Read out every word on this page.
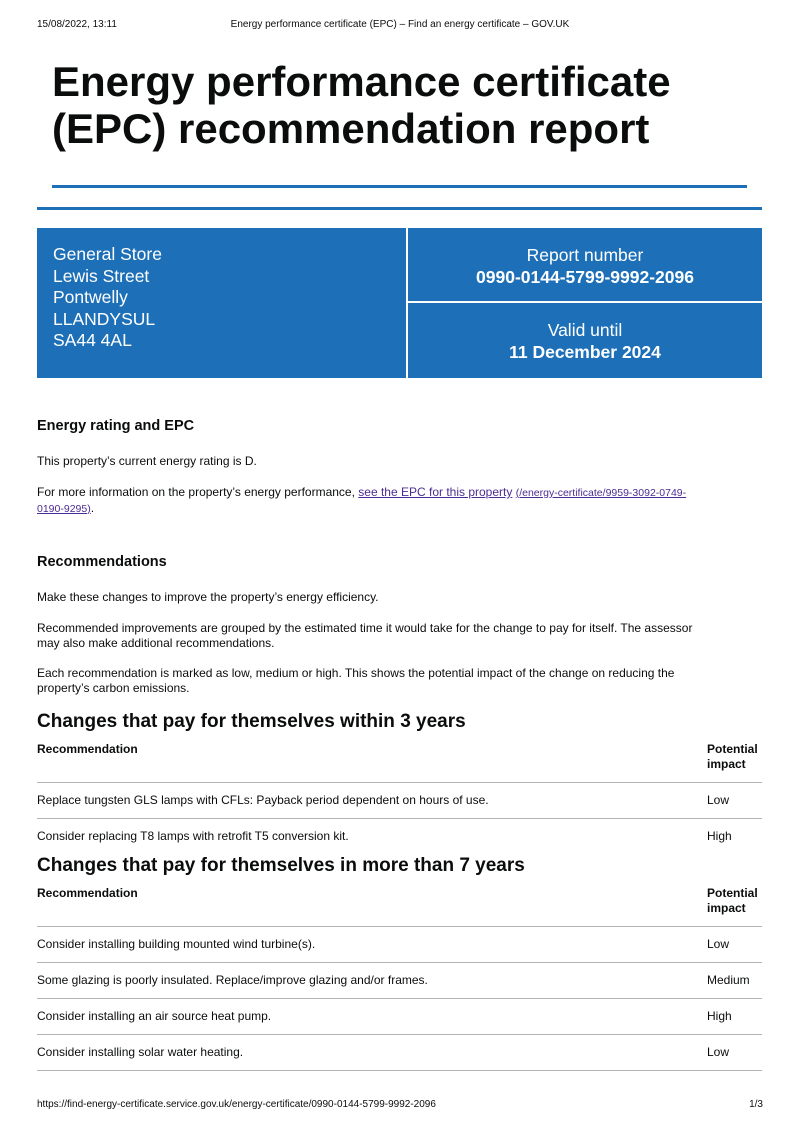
15/08/2022, 13:11	Energy performance certificate (EPC) – Find an energy certificate – GOV.UK
Energy performance certificate (EPC) recommendation report
General Store
Lewis Street
Pontwelly
LLANDYSUL
SA44 4AL
Report number
0990-0144-5799-9992-2096
Valid until
11 December 2024
Energy rating and EPC

This property’s current energy rating is D.

For more information on the property’s energy performance, see the EPC for this property (/energy-certificate/9959-3092-0749-
0190-9295).

Recommendations

Make these changes to improve the property’s energy efficiency.

Recommended improvements are grouped by the estimated time it would take for the change to pay for itself. The assessor
may also make additional recommendations.

Each recommendation is marked as low, medium or high. This shows the potential impact of the change on reducing the
property’s carbon emissions.

Changes that pay for themselves within 3 years
Recommendation	Potential
impact
Replace tungsten GLS lamps with CFLs: Payback period dependent on hours of use.	Low
Consider replacing T8 lamps with retrofit T5 conversion kit.	High
Changes that pay for themselves in more than 7 years
Recommendation	Potential
impact
Consider installing building mounted wind turbine(s).	Low
Some glazing is poorly insulated. Replace/improve glazing and/or frames.	Medium
Consider installing an air source heat pump.	High
Consider installing solar water heating.	Low
https://find-energy-certificate.service.gov.uk/energy-certificate/0990-0144-5799-9992-2096	1/3
